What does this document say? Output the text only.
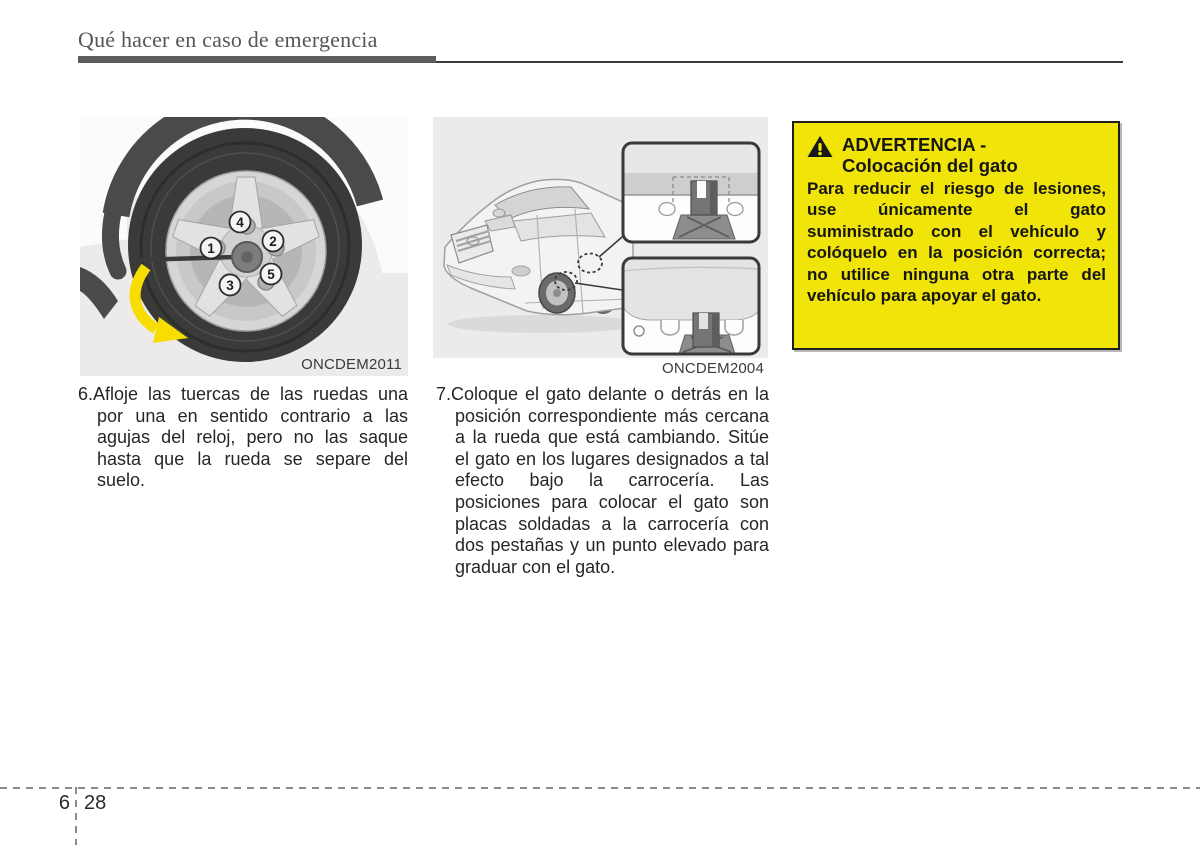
Qué hacer en caso de emergencia
1	2
3
4
5
ONCDEM2011	ONCDEM2004
ADVERTENCIA -
Colocación del gato
Para reducir el riesgo de lesiones, use únicamente el gato suministrado con el vehículo y colóquelo en la posición correcta; no utilice ninguna otra parte del vehículo para apoyar el gato.

6.Afloje las tuercas de las ruedas una por una en sentido contrario a las agujas del reloj, pero no las saque hasta que la rueda se separe del suelo.

7.Coloque el gato delante o detrás en la posición correspondiente más cercana a la rueda que está cambiando. Sitúe el gato en los lugares designados a tal efecto bajo la carrocería. Las posiciones para colocar el gato son placas soldadas a la carrocería con dos pestañas y un punto elevado para graduar con el gato.

6 28
